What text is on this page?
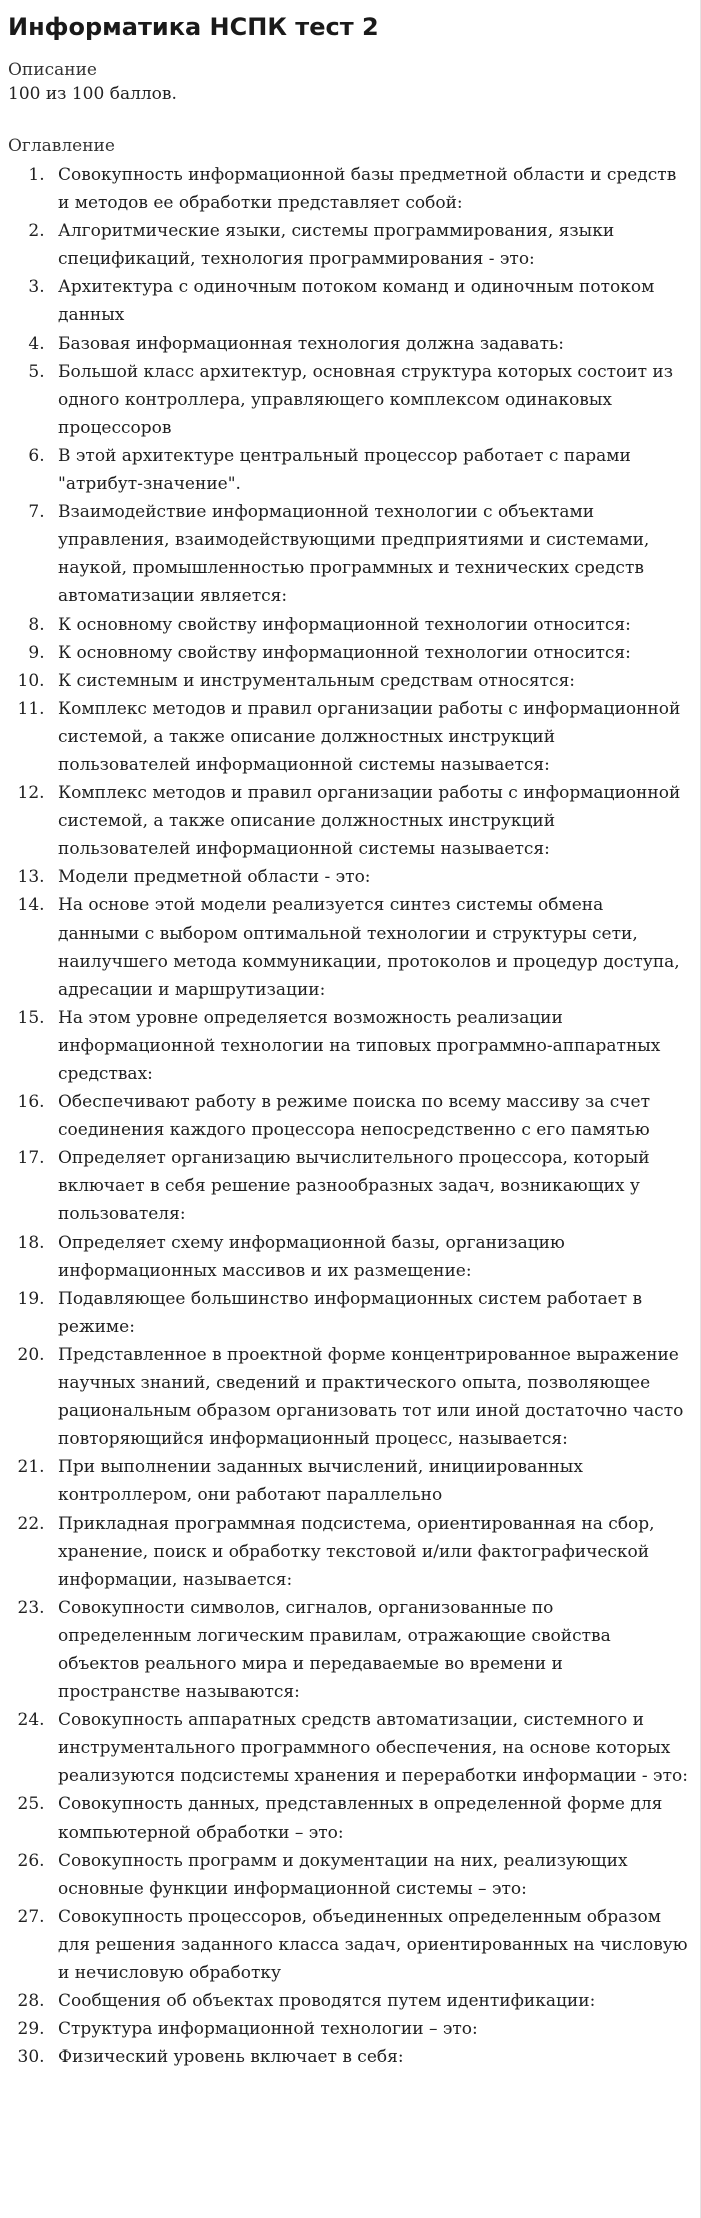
Информатика НСПК тест 2
Описание
100 из 100 баллов.
Оглавление
1. Совокупность информационной базы предметной области и средств и методов ее обработки представляет собой:
2. Алгоритмические языки, системы программирования, языки спецификаций, технология программирования - это:
3. Архитектура с одиночным потоком команд и одиночным потоком данных
4. Базовая информационная технология должна задавать:
5. Большой класс архитектур, основная структура которых состоит из одного контроллера, управляющего комплексом одинаковых процессоров
6. В этой архитектуре центральный процессор работает с парами "атрибут-значение".
7. Взаимодействие информационной технологии с объектами управления, взаимодействующими предприятиями и системами, наукой, промышленностью программных и технических средств автоматизации является:
8. К основному свойству информационной технологии относится:
9. К основному свойству информационной технологии относится:
10. К системным и инструментальным средствам относятся:
11. Комплекс методов и правил организации работы с информационной системой, а также описание должностных инструкций пользователей информационной системы называется:
12. Комплекс методов и правил организации работы с информационной системой, а также описание должностных инструкций пользователей информационной системы называется:
13. Модели предметной области - это:
14. На основе этой модели реализуется синтез системы обмена данными с выбором оптимальной технологии и структуры сети, наилучшего метода коммуникации, протоколов и процедур доступа, адресации и маршрутизации:
15. На этом уровне определяется возможность реализации информационной технологии на типовых программно-аппаратных средствах:
16. Обеспечивают работу в режиме поиска по всему массиву за счет соединения каждого процессора непосредственно с его памятью
17. Определяет организацию вычислительного процессора, который включает в себя решение разнообразных задач, возникающих у пользователя:
18. Определяет схему информационной базы, организацию информационных массивов и их размещение:
19. Подавляющее большинство информационных систем работает в режиме:
20. Представленное в проектной форме концентрированное выражение научных знаний, сведений и практического опыта, позволяющее рациональным образом организовать тот или иной достаточно часто повторяющийся информационный процесс, называется:
21. При выполнении заданных вычислений, инициированных контроллером, они работают параллельно
22. Прикладная программная подсистема, ориентированная на сбор, хранение, поиск и обработку текстовой и/или фактографической информации, называется:
23. Совокупности символов, сигналов, организованные по определенным логическим правилам, отражающие свойства объектов реального мира и передаваемые во времени и пространстве называются:
24. Совокупность аппаратных средств автоматизации, системного и инструментального программного обеспечения, на основе которых реализуются подсистемы хранения и переработки информации - это:
25. Совокупность данных, представленных в определенной форме для компьютерной обработки – это:
26. Совокупность программ и документации на них, реализующих основные функции информационной системы – это:
27. Совокупность процессоров, объединенных определенным образом для решения заданного класса задач, ориентированных на числовую и нечисловую обработку
28. Сообщения об объектах проводятся путем идентификации:
29. Структура информационной технологии – это:
30. Физический уровень включает в себя:
